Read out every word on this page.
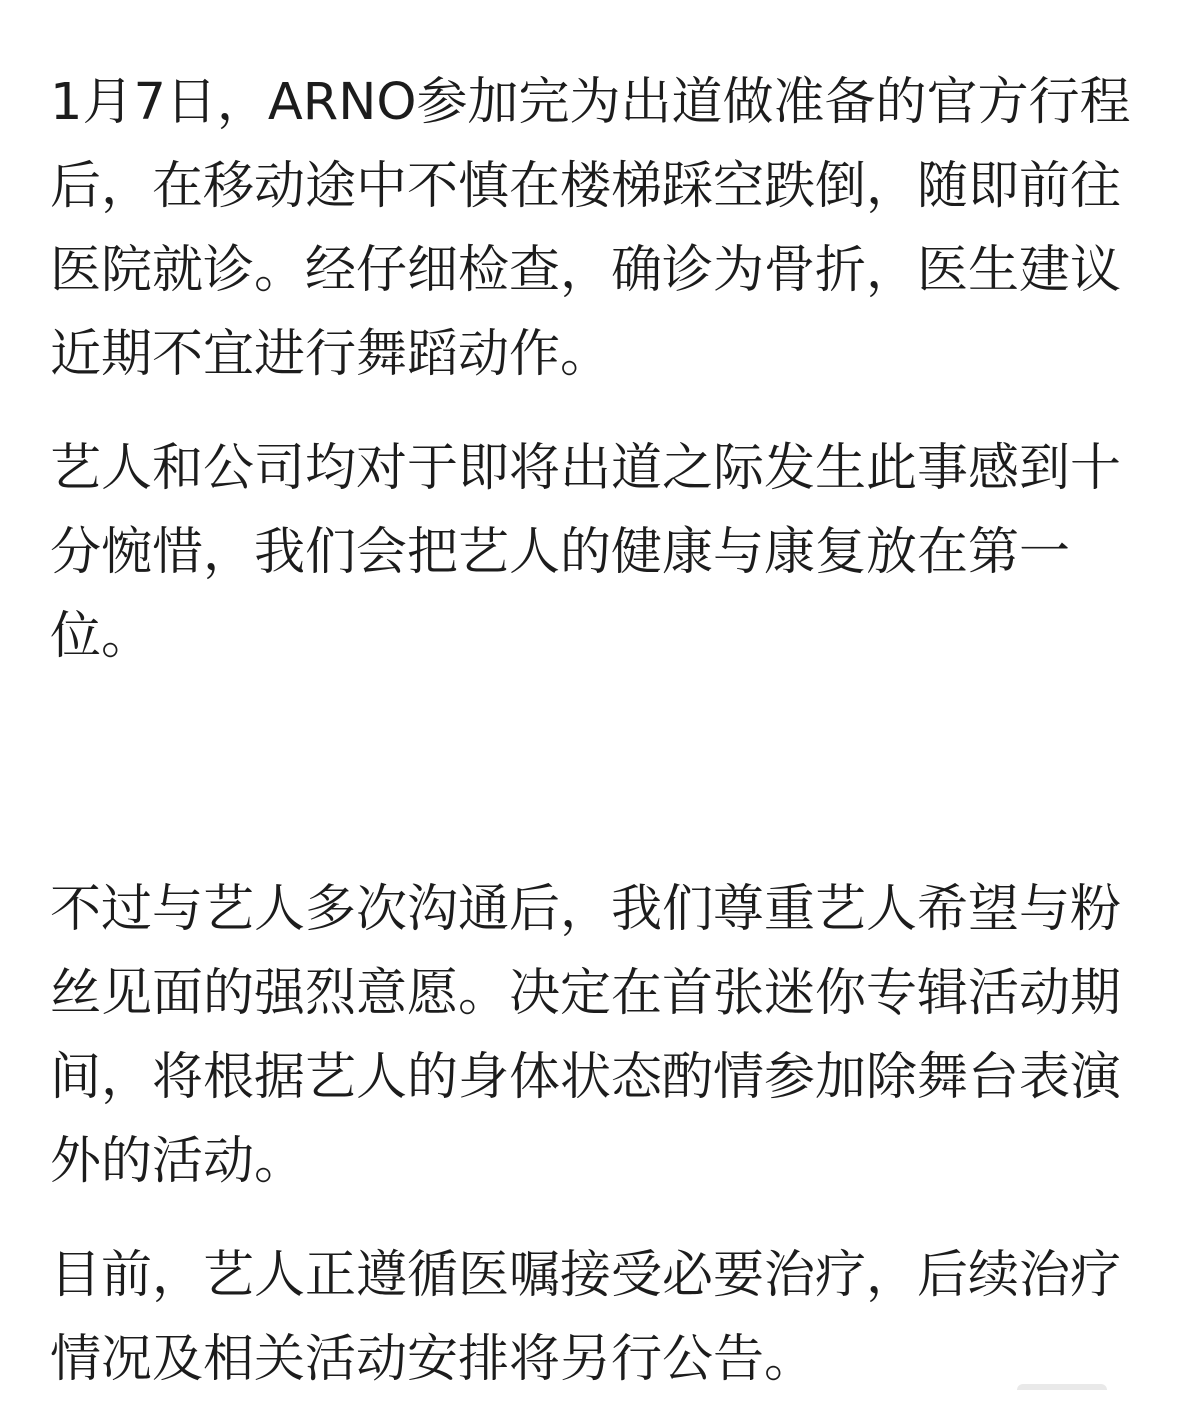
1月7日，ARNO参加完为出道做准备的官方行程后，在移动途中不慎在楼梯踩空跌倒，随即前往医院就诊。经仔细检查，确诊为骨折，医生建议近期不宜进行舞蹈动作。

艺人和公司均对于即将出道之际发生此事感到十分惋惜，我们会把艺人的健康与康复放在第一位。

不过与艺人多次沟通后，我们尊重艺人希望与粉丝见面的强烈意愿。决定在首张迷你专辑活动期间，将根据艺人的身体状态酌情参加除舞台表演外的活动。

目前，艺人正遵循医嘱接受必要治疗，后续治疗情况及相关活动安排将另行公告。
